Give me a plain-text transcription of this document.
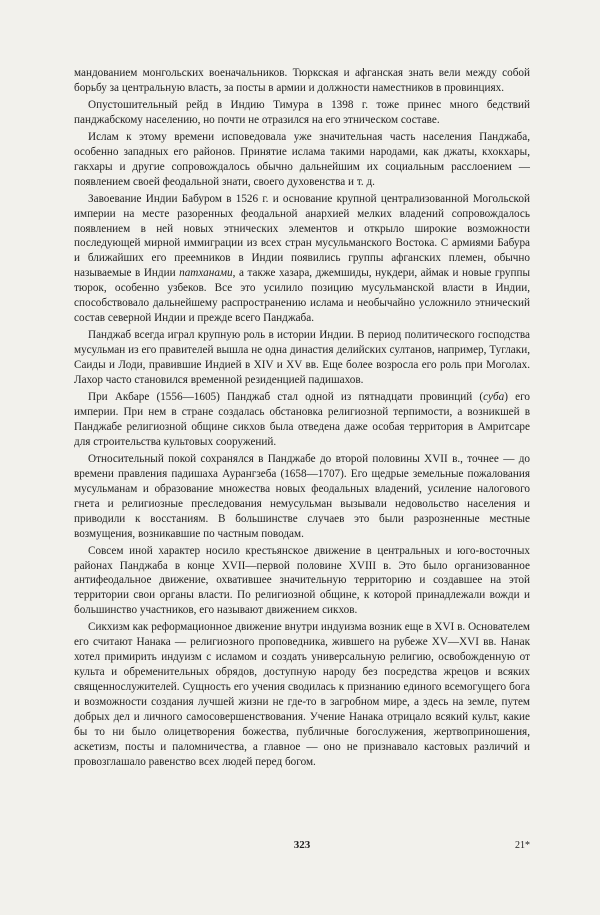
мандованием монгольских военачальников. Тюркская и афганская знать вели между собой борьбу за центральную власть, за посты в армии и должности наместников в провинциях.

Опустошительный рейд в Индию Тимура в 1398 г. тоже принес много бедствий панджабскому населению, но почти не отразился на его этническом составе.

Ислам к этому времени исповедовала уже значительная часть населения Панджаба, особенно западных его районов. Принятие ислама такими народами, как джаты, кхокхары, гакхары и другие сопровождалось обычно дальнейшим их социальным расслоением — появлением своей феодальной знати, своего духовенства и т. д.

Завоевание Индии Бабуром в 1526 г. и основание крупной централизованной Могольской империи на месте разоренных феодальной анархией мелких владений сопровождалось появлением в ней новых этнических элементов и открыло широкие возможности последующей мирной иммиграции из всех стран мусульманского Востока. С армиями Бабура и ближайших его преемников в Индии появились группы афганских племен, обычно называемые в Индии патханами, а также хазара, джемшиды, нукдери, аймак и новые группы тюрок, особенно узбеков. Все это усилило позицию мусульманской власти в Индии, способствовало дальнейшему распространению ислама и необычайно усложнило этнический состав северной Индии и прежде всего Панджаба.

Панджаб всегда играл крупную роль в истории Индии. В период политического господства мусульман из его правителей вышла не одна династия делийских султанов, например, Туглаки, Саиды и Лоди, правившие Индией в XIV и XV вв. Еще более возросла его роль при Моголах. Лахор часто становился временной резиденцией падишахов.

При Акбаре (1556—1605) Панджаб стал одной из пятнадцати провинций (суба) его империи. При нем в стране создалась обстановка религиозной терпимости, а возникшей в Панджабе религиозной общине сикхов была отведена даже особая территория в Амритсаре для строительства культовых сооружений.

Относительный покой сохранялся в Панджабе до второй половины XVII в., точнее — до времени правления падишаха Аурангзеба (1658—1707). Его щедрые земельные пожалования мусульманам и образование множества новых феодальных владений, усиление налогового гнета и религиозные преследования немусульман вызывали недовольство населения и приводили к восстаниям. В большинстве случаев это были разрозненные местные возмущения, возникавшие по частным поводам.

Совсем иной характер носило крестьянское движение в центральных и юго-восточных районах Панджаба в конце XVII—первой половине XVIII в. Это было организованное антифеодальное движение, охватившее значительную территорию и создавшее на этой территории свои органы власти. По религиозной общине, к которой принадлежали вожди и большинство участников, его называют движением сикхов.

Сикхизм как реформационное движение внутри индуизма возник еще в XVI в. Основателем его считают Нанака — религиозного проповедника, жившего на рубеже XV—XVI вв. Нанак хотел примирить индуизм с исламом и создать универсальную религию, освобожденную от культа и обременительных обрядов, доступную народу без посредства жрецов и всяких священнослужителей. Сущность его учения сводилась к признанию единого всемогущего бога и возможности создания лучшей жизни не где-то в загробном мире, а здесь на земле, путем добрых дел и личного самосовершенствования. Учение Нанака отрицало всякий культ, какие бы то ни было олицетворения божества, публичные богослужения, жертвоприношения, аскетизм, посты и паломничества, а главное — оно не признавало кастовых различий и провозглашало равенство всех людей перед богом.

323	21*
